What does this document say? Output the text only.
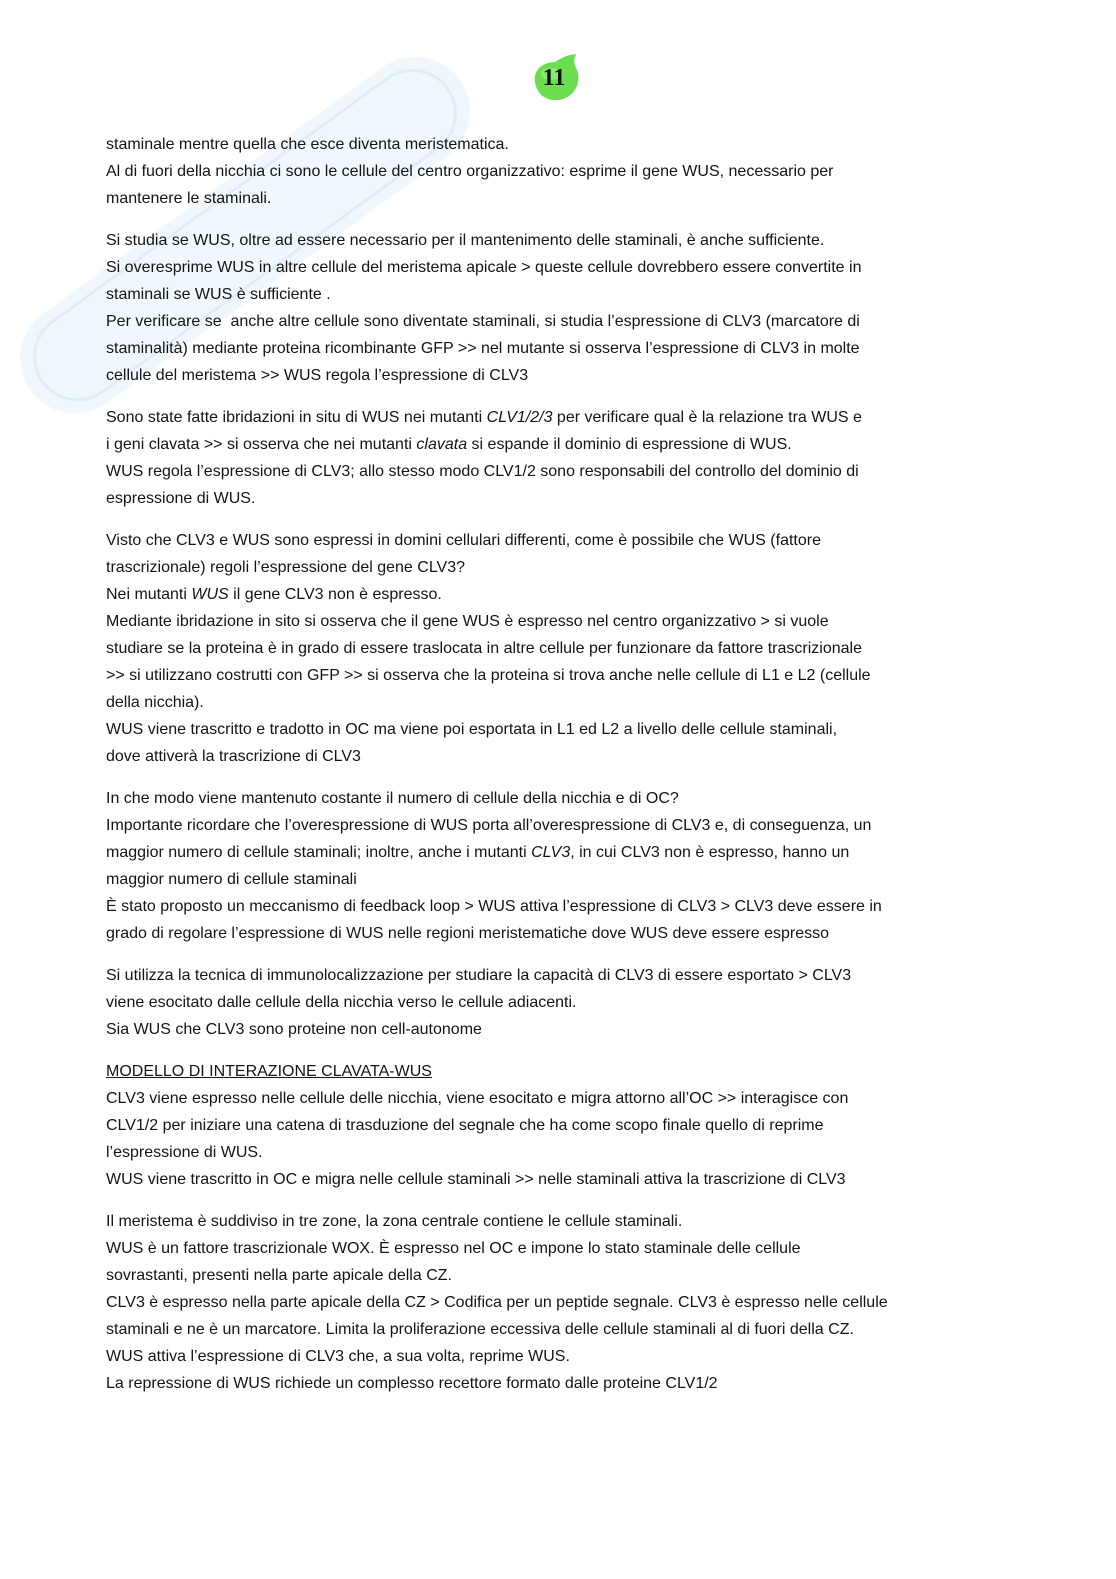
11
staminale mentre quella che esce diventa meristematica.
Al di fuori della nicchia ci sono le cellule del centro organizzativo: esprime il gene WUS, necessario per
mantenere le staminali.
Si studia se WUS, oltre ad essere necessario per il mantenimento delle staminali, è anche sufficiente.
Si overesprime WUS in altre cellule del meristema apicale > queste cellule dovrebbero essere convertite in
staminali se WUS è sufficiente .
Per verificare se  anche altre cellule sono diventate staminali, si studia l’espressione di CLV3 (marcatore di
staminalità) mediante proteina ricombinante GFP >> nel mutante si osserva l’espressione di CLV3 in molte
cellule del meristema >> WUS regola l’espressione di CLV3
Sono state fatte ibridazioni in situ di WUS nei mutanti CLV1/2/3 per verificare qual è la relazione tra WUS e
i geni clavata >> si osserva che nei mutanti clavata si espande il dominio di espressione di WUS.
WUS regola l’espressione di CLV3; allo stesso modo CLV1/2 sono responsabili del controllo del dominio di
espressione di WUS.
Visto che CLV3 e WUS sono espressi in domini cellulari differenti, come è possibile che WUS (fattore
trascrizionale) regoli l’espressione del gene CLV3?
Nei mutanti WUS il gene CLV3 non è espresso.
Mediante ibridazione in sito si osserva che il gene WUS è espresso nel centro organizzativo > si vuole
studiare se la proteina è in grado di essere traslocata in altre cellule per funzionare da fattore trascrizionale
>> si utilizzano costrutti con GFP >> si osserva che la proteina si trova anche nelle cellule di L1 e L2 (cellule
della nicchia).
WUS viene trascritto e tradotto in OC ma viene poi esportata in L1 ed L2 a livello delle cellule staminali,
dove attiverà la trascrizione di CLV3
In che modo viene mantenuto costante il numero di cellule della nicchia e di OC?
Importante ricordare che l’overespressione di WUS porta all’overespressione di CLV3 e, di conseguenza, un
maggior numero di cellule staminali; inoltre, anche i mutanti CLV3, in cui CLV3 non è espresso, hanno un
maggior numero di cellule staminali
È stato proposto un meccanismo di feedback loop > WUS attiva l’espressione di CLV3 > CLV3 deve essere in
grado di regolare l’espressione di WUS nelle regioni meristematiche dove WUS deve essere espresso
Si utilizza la tecnica di immunolocalizzazione per studiare la capacità di CLV3 di essere esportato > CLV3
viene esocitato dalle cellule della nicchia verso le cellule adiacenti.
Sia WUS che CLV3 sono proteine non cell-autonome
MODELLO DI INTERAZIONE CLAVATA-WUS
CLV3 viene espresso nelle cellule delle nicchia, viene esocitato e migra attorno all’OC >> interagisce con
CLV1/2 per iniziare una catena di trasduzione del segnale che ha come scopo finale quello di reprime
l’espressione di WUS.
WUS viene trascritto in OC e migra nelle cellule staminali >> nelle staminali attiva la trascrizione di CLV3
Il meristema è suddiviso in tre zone, la zona centrale contiene le cellule staminali.
WUS è un fattore trascrizionale WOX. È espresso nel OC e impone lo stato staminale delle cellule
sovrastanti, presenti nella parte apicale della CZ.
CLV3 è espresso nella parte apicale della CZ > Codifica per un peptide segnale. CLV3 è espresso nelle cellule
staminali e ne è un marcatore. Limita la proliferazione eccessiva delle cellule staminali al di fuori della CZ.
WUS attiva l’espressione di CLV3 che, a sua volta, reprime WUS.
La repressione di WUS richiede un complesso recettore formato dalle proteine CLV1/2
